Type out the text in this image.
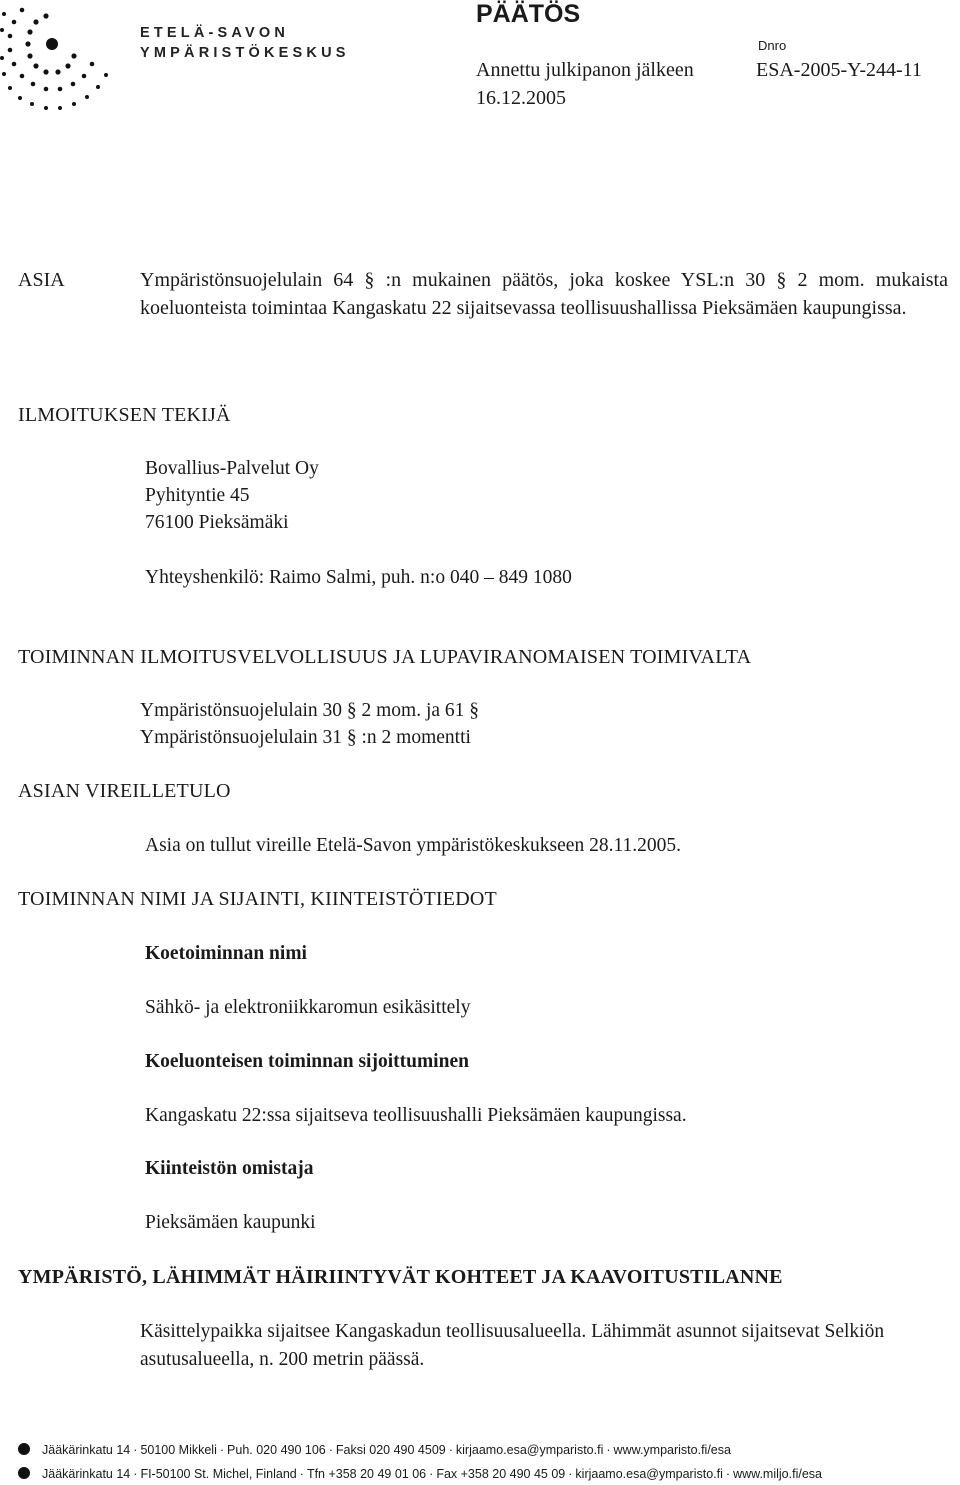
ETELÄ-SAVON
YMPÄRISTÖKESKUS
PÄÄTÖS
Dnro
Annettu julkipanon jälkeen	ESA-2005-Y-244-11
16.12.2005
ASIA	Ympäristönsuojelulain 64 § :n mukainen päätös, joka koskee YSL:n 30 § 2 mom. mukaista koeluonteista toimintaa Kangaskatu 22 sijaitsevassa teollisuushallissa Pieksämäen kaupungissa.

ILMOITUKSEN TEKIJÄ
Bovallius-Palvelut Oy
Pyhityntie 45
76100 Pieksämäki
Yhteyshenkilö: Raimo Salmi, puh. n:o 040 – 849 1080
TOIMINNAN ILMOITUSVELVOLLISUUS JA LUPAVIRANOMAISEN TOIMIVALTA
Ympäristönsuojelulain 30 § 2 mom. ja 61 §
Ympäristönsuojelulain 31 § :n 2 momentti
ASIAN VIREILLETULO
Asia on tullut vireille Etelä-Savon ympäristökeskukseen 28.11.2005.
TOIMINNAN NIMI JA SIJAINTI, KIINTEISTÖTIEDOT
Koetoiminnan nimi
Sähkö- ja elektroniikkaromun esikäsittely
Koeluonteisen toiminnan sijoittuminen
Kangaskatu 22:ssa sijaitseva teollisuushalli Pieksämäen kaupungissa.
Kiinteistön omistaja
Pieksämäen kaupunki
YMPÄRISTÖ, LÄHIMMÄT HÄIRIINTYVÄT KOHTEET JA KAAVOITUSTILANNE

Käsittelypaikka sijaitsee Kangaskadun teollisuusalueella. Lähimmät asunnot sijaitsevat Selkiön asutusalueella, n. 200 metrin päässä.

Jääkärinkatu 14 · 50100 Mikkeli · Puh. 020 490 106 · Faksi 020 490 4509 · kirjaamo.esa@ymparisto.fi · www.ymparisto.fi/esa
Jääkärinkatu 14 · FI-50100 St. Michel, Finland · Tfn +358 20 49 01 06 · Fax +358 20 490 45 09 · kirjaamo.esa@ymparisto.fi · www.miljo.fi/esa
